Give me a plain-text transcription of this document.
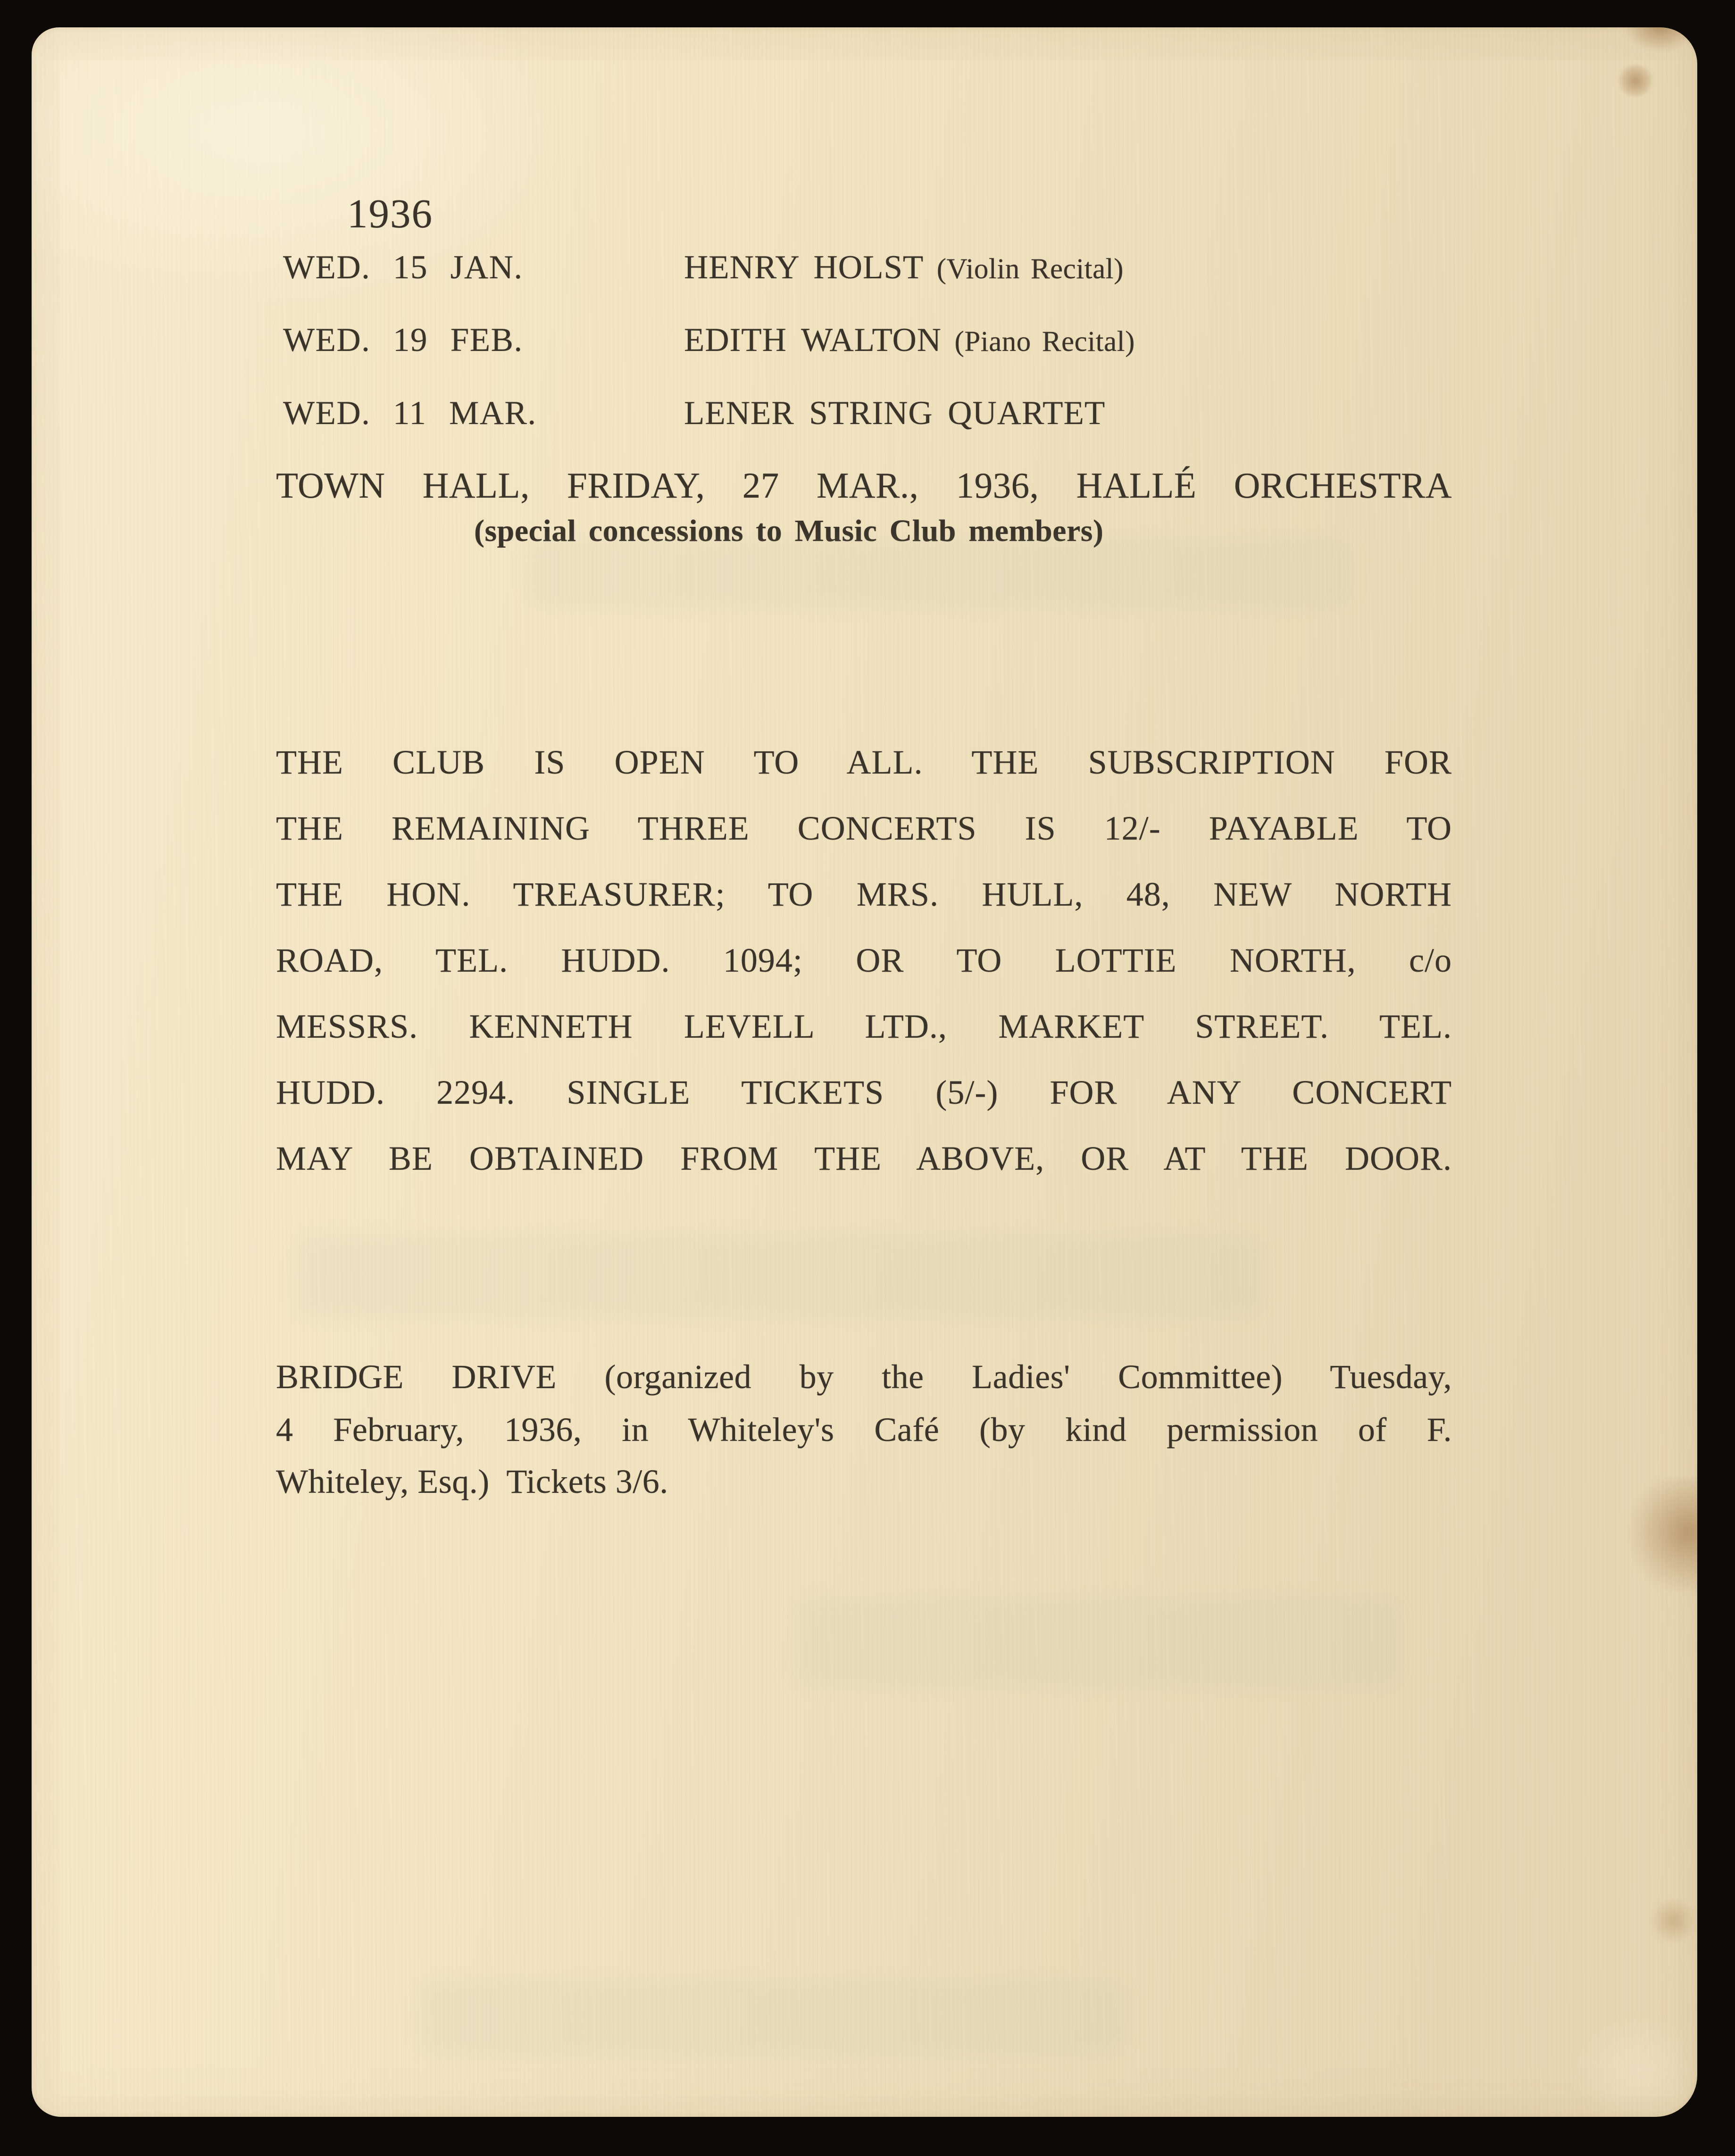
1936
WED. 15 JAN.	HENRY HOLST (Violin Recital)
WED. 19 FEB.	EDITH WALTON (Piano Recital)
WED. 11 MAR.	LENER STRING QUARTET
TOWN HALL, FRIDAY, 27 MAR., 1936, HALLÉ ORCHESTRA
(special concessions to Music Club members)
THE CLUB IS OPEN TO ALL. THE SUBSCRIPTION FOR
THE REMAINING THREE CONCERTS IS 12/- PAYABLE TO
THE HON. TREASURER; TO MRS. HULL, 48, NEW NORTH
ROAD, TEL. HUDD. 1094; OR TO LOTTIE NORTH, c/o
MESSRS. KENNETH LEVELL LTD., MARKET STREET. TEL.
HUDD. 2294. SINGLE TICKETS (5/-) FOR ANY CONCERT
MAY BE OBTAINED FROM THE ABOVE, OR AT THE DOOR.
BRIDGE DRIVE (organized by the Ladies' Committee) Tuesday,
4 February, 1936, in Whiteley's Café (by kind permission of F.
Whiteley, Esq.)  Tickets 3/6.
